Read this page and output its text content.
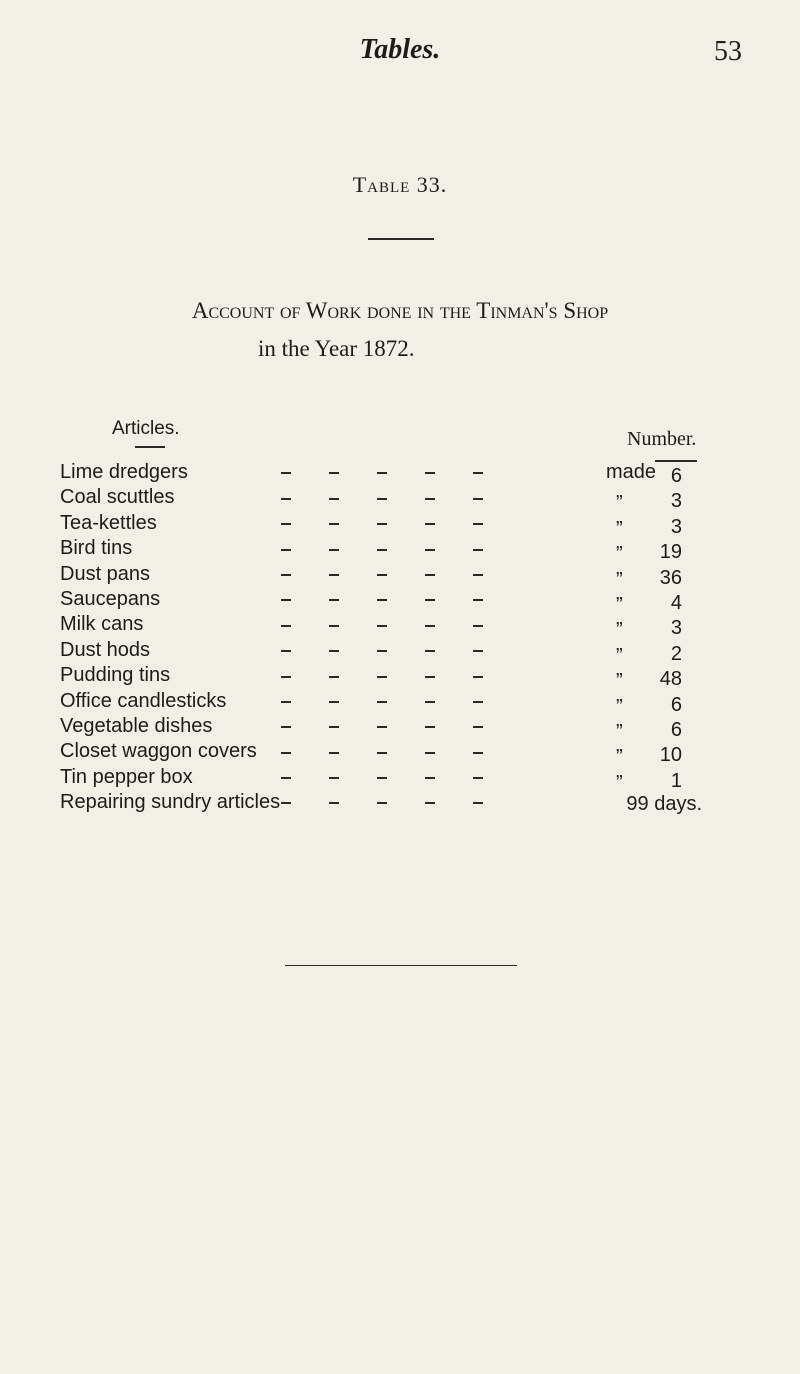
Tables.	53
Table 33.
Account of Work done in the Tinman's Shop
in the Year 1872.
Articles.	Number.
Lime dredgers	made 6
Coal scuttles	” 3
Tea-kettles	” 3
Bird tins	” 19
Dust pans	” 36
Saucepans	” 4
Milk cans	” 3
Dust hods	” 2
Pudding tins	” 48
Office candlesticks	” 6
Vegetable dishes	” 6
Closet waggon covers	” 10
Tin pepper box	” 1
Repairing sundry articles	99 days.
